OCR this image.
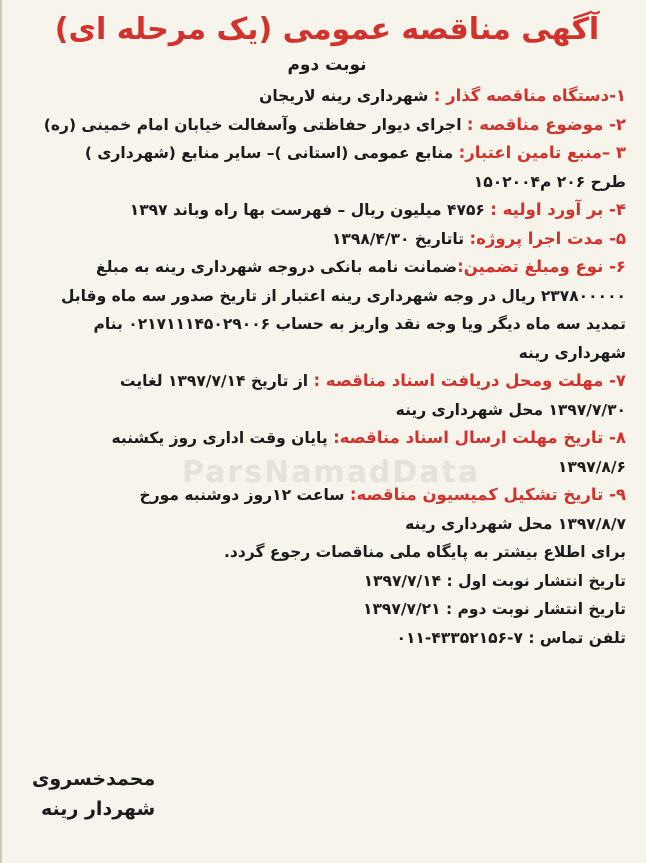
ParsNamadData
آگهی مناقصه عمومی (یک مرحله ای)
نوبت دوم
۱-دستگاه مناقصه گذار : شهرداری رینه لاریجان
۲- موضوع مناقصه : اجرای دیوار حفاظتی وآسفالت خیابان امام خمینی (ره)
۳ –منبع تامین اعتبار: منابع عمومی (استانی )– سایر منابع (شهرداری )
طرح ۲۰۶ م۱۵۰۲۰۰۴
۴- بر آورد اولیه : ۴۷۵۶ میلیون ریال – فهرست بها راه وباند ۱۳۹۷
۵- مدت اجرا پروژه: تاتاریخ ۱۳۹۸/۴/۳۰
۶- نوع ومبلغ تضمین:ضمانت نامه بانکی دروجه شهرداری رینه به مبلغ
۲۳۷۸۰۰۰۰۰ ریال در وجه شهرداری رینه اعتبار از تاریخ صدور سه ماه وقابل
تمدید سه ماه دیگر ویا وجه نقد واریز به حساب ۰۲۱۷۱۱۱۴۵۰۲۹۰۰۶ بنام
شهرداری رینه
۷- مهلت ومحل دریافت اسناد مناقصه : از تاریخ ۱۳۹۷/۷/۱۴ لغایت
۱۳۹۷/۷/۳۰ محل شهرداری رینه
۸- تاریخ مهلت ارسال اسناد مناقصه: پایان وقت اداری روز یکشنبه
۱۳۹۷/۸/۶
۹- تاریخ تشکیل کمیسیون مناقصه: ساعت ۱۲روز دوشنبه مورخ
۱۳۹۷/۸/۷ محل شهرداری رینه
برای اطلاع بیشتر به پایگاه ملی مناقصات رجوع گردد.
تاریخ انتشار نوبت اول : ۱۳۹۷/۷/۱۴
تاریخ انتشار نوبت دوم : ۱۳۹۷/۷/۲۱
تلفن تماس : ۷-۴۳۳۵۲۱۵۶-۰۱۱
محمدخسروی
شهردار رینه
